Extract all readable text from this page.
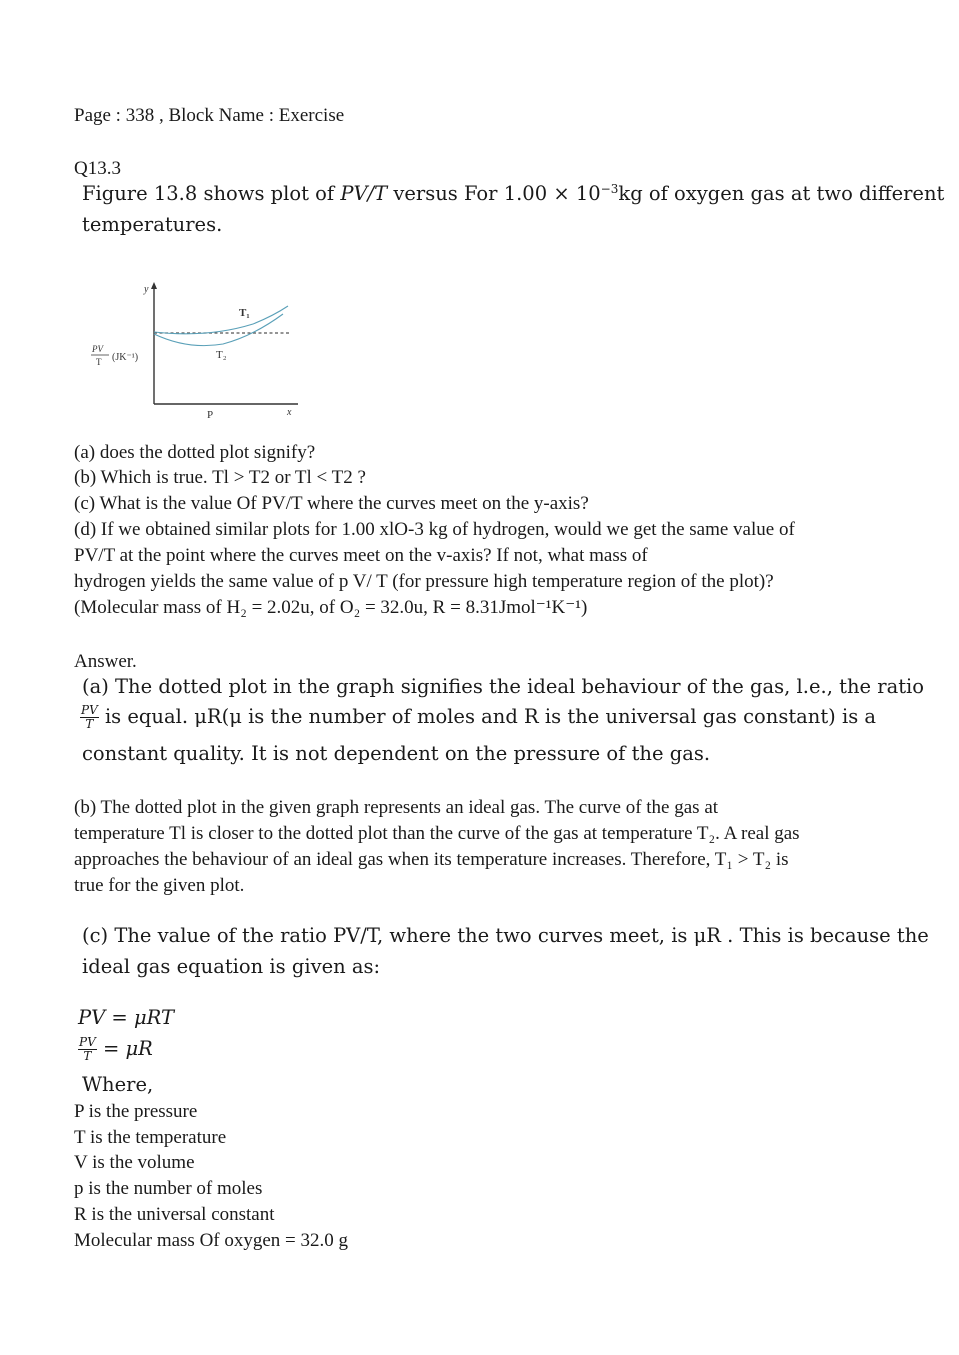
Page : 338 , Block Name : Exercise
Q13.3
Figure 13.8 shows plot of PV/T versus For $1.00 \times 10^{-3}kg$ of oxygen gas at two different
temperatures.
y
x
T₁
T₂
PV
T (JK⁻¹)
P
(a) does the dotted plot signify?
(b) Which is true. Tl > T2 or Tl < T2 ?
(c) What is the value Of PV/T where the curves meet on the y-axis?
(d) If we obtained similar plots for 1.00 xlO-3 kg of hydrogen, would we get the same value of
PV/T at the point where the curves meet on the v-axis? If not, what mass of
hydrogen yields the same value of p V/ T (for pressure high temperature region of the plot)?
(Molecular mass of H₂ = 2.02u, of O₂ = 32.0u, R = 8.31Jmol⁻¹K⁻¹)
Answer.
(a) The dotted plot in the graph signifies the ideal behaviour of the gas, l.e., the ratio
$\frac{PV}{T}$ is equal. μR(μ is the number of moles and R is the universal gas constant) is a
constant quality. It is not dependent on the pressure of the gas.
(b) The dotted plot in the given graph represents an ideal gas. The curve of the gas at
temperature Tl is closer to the dotted plot than the curve of the gas at temperature T₂. A real gas
approaches the behaviour of an ideal gas when its temperature increases. Therefore, T₁ > T₂ is
true for the given plot.
(c) The value of the ratio PV/T, where the two curves meet, is μR . This is because the
ideal gas equation is given as:
PV = μRT
$\frac{PV}{T} = \mu R$
Where,
P is the pressure
T is the temperature
V is the volume
p is the number of moles
R is the universal constant
Molecular mass Of oxygen = 32.0 g
